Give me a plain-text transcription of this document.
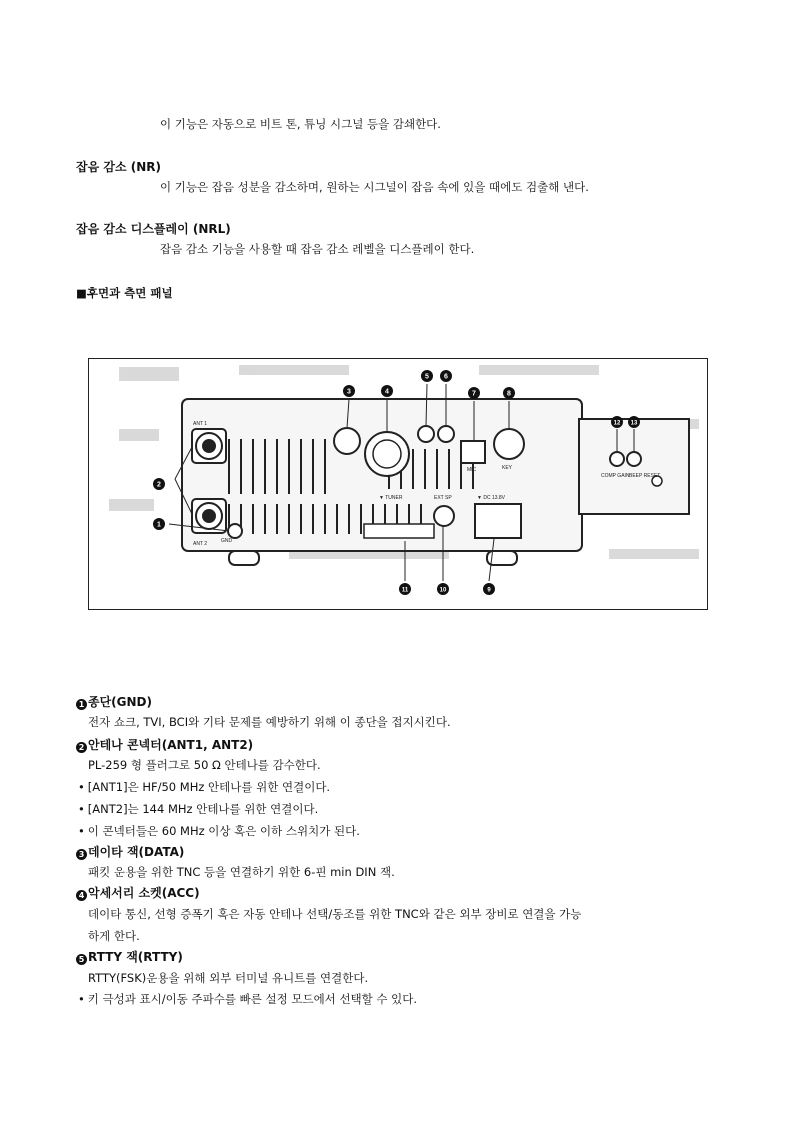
이 기능은 자동으로 비트 톤, 튜닝 시그널 등을 감쇄한다.
잡음 감소 (NR)
이 기능은 잡음 성분을 감소하며, 원하는 시그널이 잡음 속에 있을 때에도 검출해 낸다.
잡음 감소 디스플레이 (NRL)
잡음 감소 기능을 사용할 때 잡음 감소 레벨을 디스플레이 한다.
■후면과 측면 패널
ANT 1
ANT 2	GND
▼ TUNER	EXT SP	▼ DC 13.8V
MIC	KEY
COMP GAIN BEEP RESET
1
2
3	4
5 6
7	8
9
10
11
12 13
1 종단(GND)
전자 쇼크, TVI, BCI와 기타 문제를 예방하기 위해 이 종단을 접지시킨다.
2 안테나 콘넥터(ANT1, ANT2)
PL-259 형 플러그로 50 Ω 안테나를 감수한다.
• [ANT1]은 HF/50 MHz 안테나를 위한 연결이다.
• [ANT2]는 144 MHz 안테나를 위한 연결이다.
• 이 콘넥터들은 60 MHz 이상 혹은 이하 스위치가 된다.
3 데이타 잭(DATA)
패킷 운용을 위한 TNC 등을 연결하기 위한 6-핀 min DIN 잭.
4 악세서리 소켓(ACC)
데이타 통신, 선형 증폭기 혹은 자동 안테나 선택/동조를 위한 TNC와 같은 외부 장비로 연결을 가능
하게 한다.
5 RTTY 잭(RTTY)
RTTY(FSK)운용을 위해 외부 터미널 유니트를 연결한다.
• 키 극성과 표시/이동 주파수를 빠른 설정 모드에서 선택할 수 있다.
